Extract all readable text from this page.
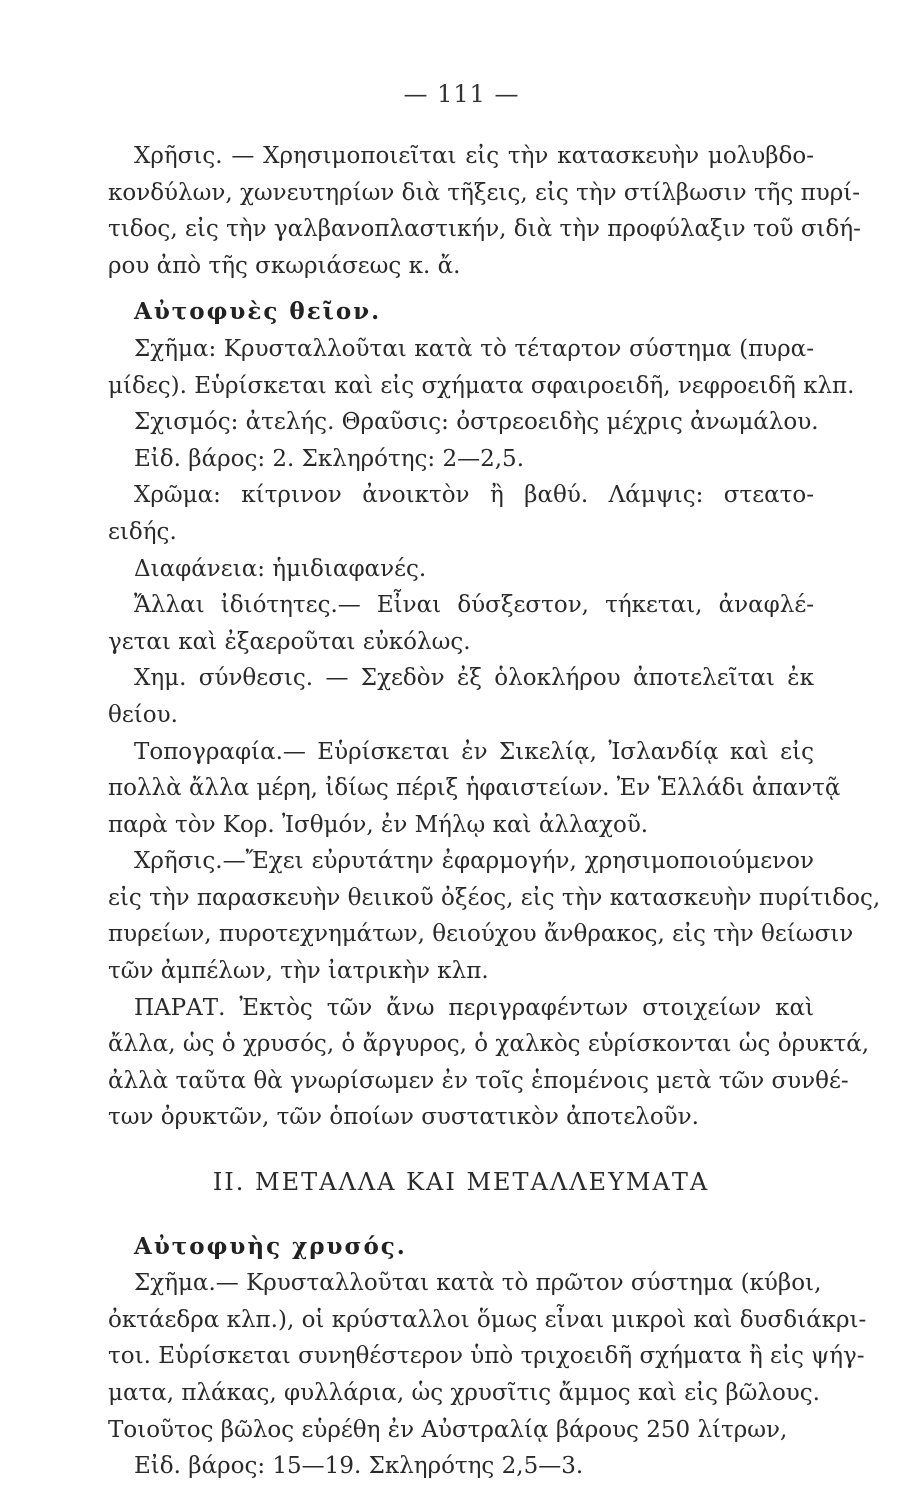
— 111 —
Χρῆσις. — Χρησιμοποιεῖται εἰς τὴν κατασκευὴν μολυβδο-
κονδύλων, χωνευτηρίων διὰ τῆξεις, εἰς τὴν στίλβωσιν τῆς πυρί-
τιδος, εἰς τὴν γαλβανοπλαστικήν, διὰ τὴν προφύλαξιν τοῦ σιδή-
ρου ἀπὸ τῆς σκωριάσεως κ. ἄ.
Αὐτοφυὲς θεῖον.
Σχῆμα: Κρυσταλλοῦται κατὰ τὸ τέταρτον σύστημα (πυρα-
μίδες). Εὑρίσκεται καὶ εἰς σχήματα σφαιροειδῆ, νεφροειδῆ κλπ.
Σχισμός: ἀτελής. Θραῦσις: ὀστρεοειδὴς μέχρις ἀνωμάλου.
Εἰδ. βάρος: 2. Σκληρότης: 2—2,5.
Χρῶμα: κίτρινον ἀνοικτὸν ἢ βαθύ. Λάμψις: στεατο-
ειδής.
Διαφάνεια: ἡμιδιαφανές.
Ἄλλαι ἰδιότητες.— Εἶναι δύσξεστον, τήκεται, ἀναφλέ-
γεται καὶ ἐξαεροῦται εὐκόλως.
Χημ. σύνθεσις. — Σχεδὸν ἐξ ὁλοκλήρου ἀποτελεῖται ἐκ
θείου.
Τοπογραφία.— Εὑρίσκεται ἐν Σικελίᾳ, Ἰσλανδίᾳ καὶ εἰς
πολλὰ ἄλλα μέρη, ἰδίως πέριξ ἡφαιστείων. Ἐν Ἑλλάδι ἁπαντᾷ
παρὰ τὸν Κορ. Ἰσθμόν, ἐν Μήλῳ καὶ ἀλλαχοῦ.
Χρῆσις.—Ἔχει εὐρυτάτην ἐφαρμογήν, χρησιμοποιούμενον
εἰς τὴν παρασκευὴν θειικοῦ ὀξέος, εἰς τὴν κατασκευὴν πυρίτιδος,
πυρείων, πυροτεχνημάτων, θειούχου ἄνθρακος, εἰς τὴν θείωσιν
τῶν ἀμπέλων, τὴν ἰατρικὴν κλπ.
ΠΑΡΑΤ. Ἐκτὸς τῶν ἄνω περιγραφέντων στοιχείων καὶ
ἄλλα, ὡς ὁ χρυσός, ὁ ἄργυρος, ὁ χαλκὸς εὑρίσκονται ὡς ὀρυκτά,
ἀλλὰ ταῦτα θὰ γνωρίσωμεν ἐν τοῖς ἑπομένοις μετὰ τῶν συνθέ-
των ὀρυκτῶν, τῶν ὁποίων συστατικὸν ἀποτελοῦν.
II. ΜΕΤΑΛΛΑ ΚΑΙ ΜΕΤΑΛΛΕΥΜΑΤΑ
Αὐτοφυὴς χρυσός.
Σχῆμα.— Κρυσταλλοῦται κατὰ τὸ πρῶτον σύστημα (κύβοι,
ὀκτάεδρα κλπ.), οἱ κρύσταλλοι ὅμως εἶναι μικροὶ καὶ δυσδιάκρι-
τοι. Εὑρίσκεται συνηθέστερον ὑπὸ τριχοειδῆ σχήματα ἢ εἰς ψήγ-
ματα, πλάκας, φυλλάρια, ὡς χρυσῖτις ἄμμος καὶ εἰς βῶλους.
Τοιοῦτος βῶλος εὑρέθη ἐν Αὐστραλίᾳ βάρους 250 λίτρων,
Εἰδ. βάρος: 15—19. Σκληρότης 2,5—3.
